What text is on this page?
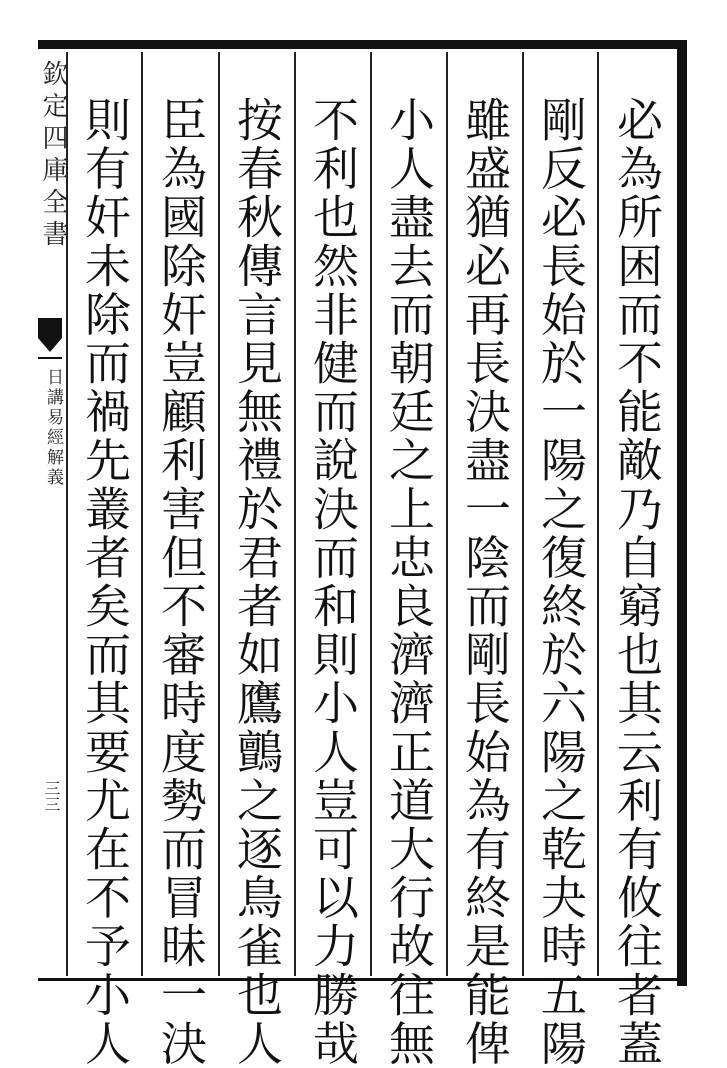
欽定四庫全書
日講易經解義
三三	必為所困而不能敵乃自窮也其云利有攸往者蓋
剛反必長始於一陽之復終於六陽之乾夬時五陽
雖盛猶必再長決盡一陰而剛長始為有終是能俾
小人盡去而朝廷之上忠良濟濟正道大行故往無
不利也然非健而說決而和則小人豈可以力勝哉
按春秋傳言見無禮於君者如鷹鸇之逐鳥雀也人
臣為國除奸豈顧利害但不審時度勢而冒昧一決
則有奸未除而禍先叢者矣而其要尤在不予小人
